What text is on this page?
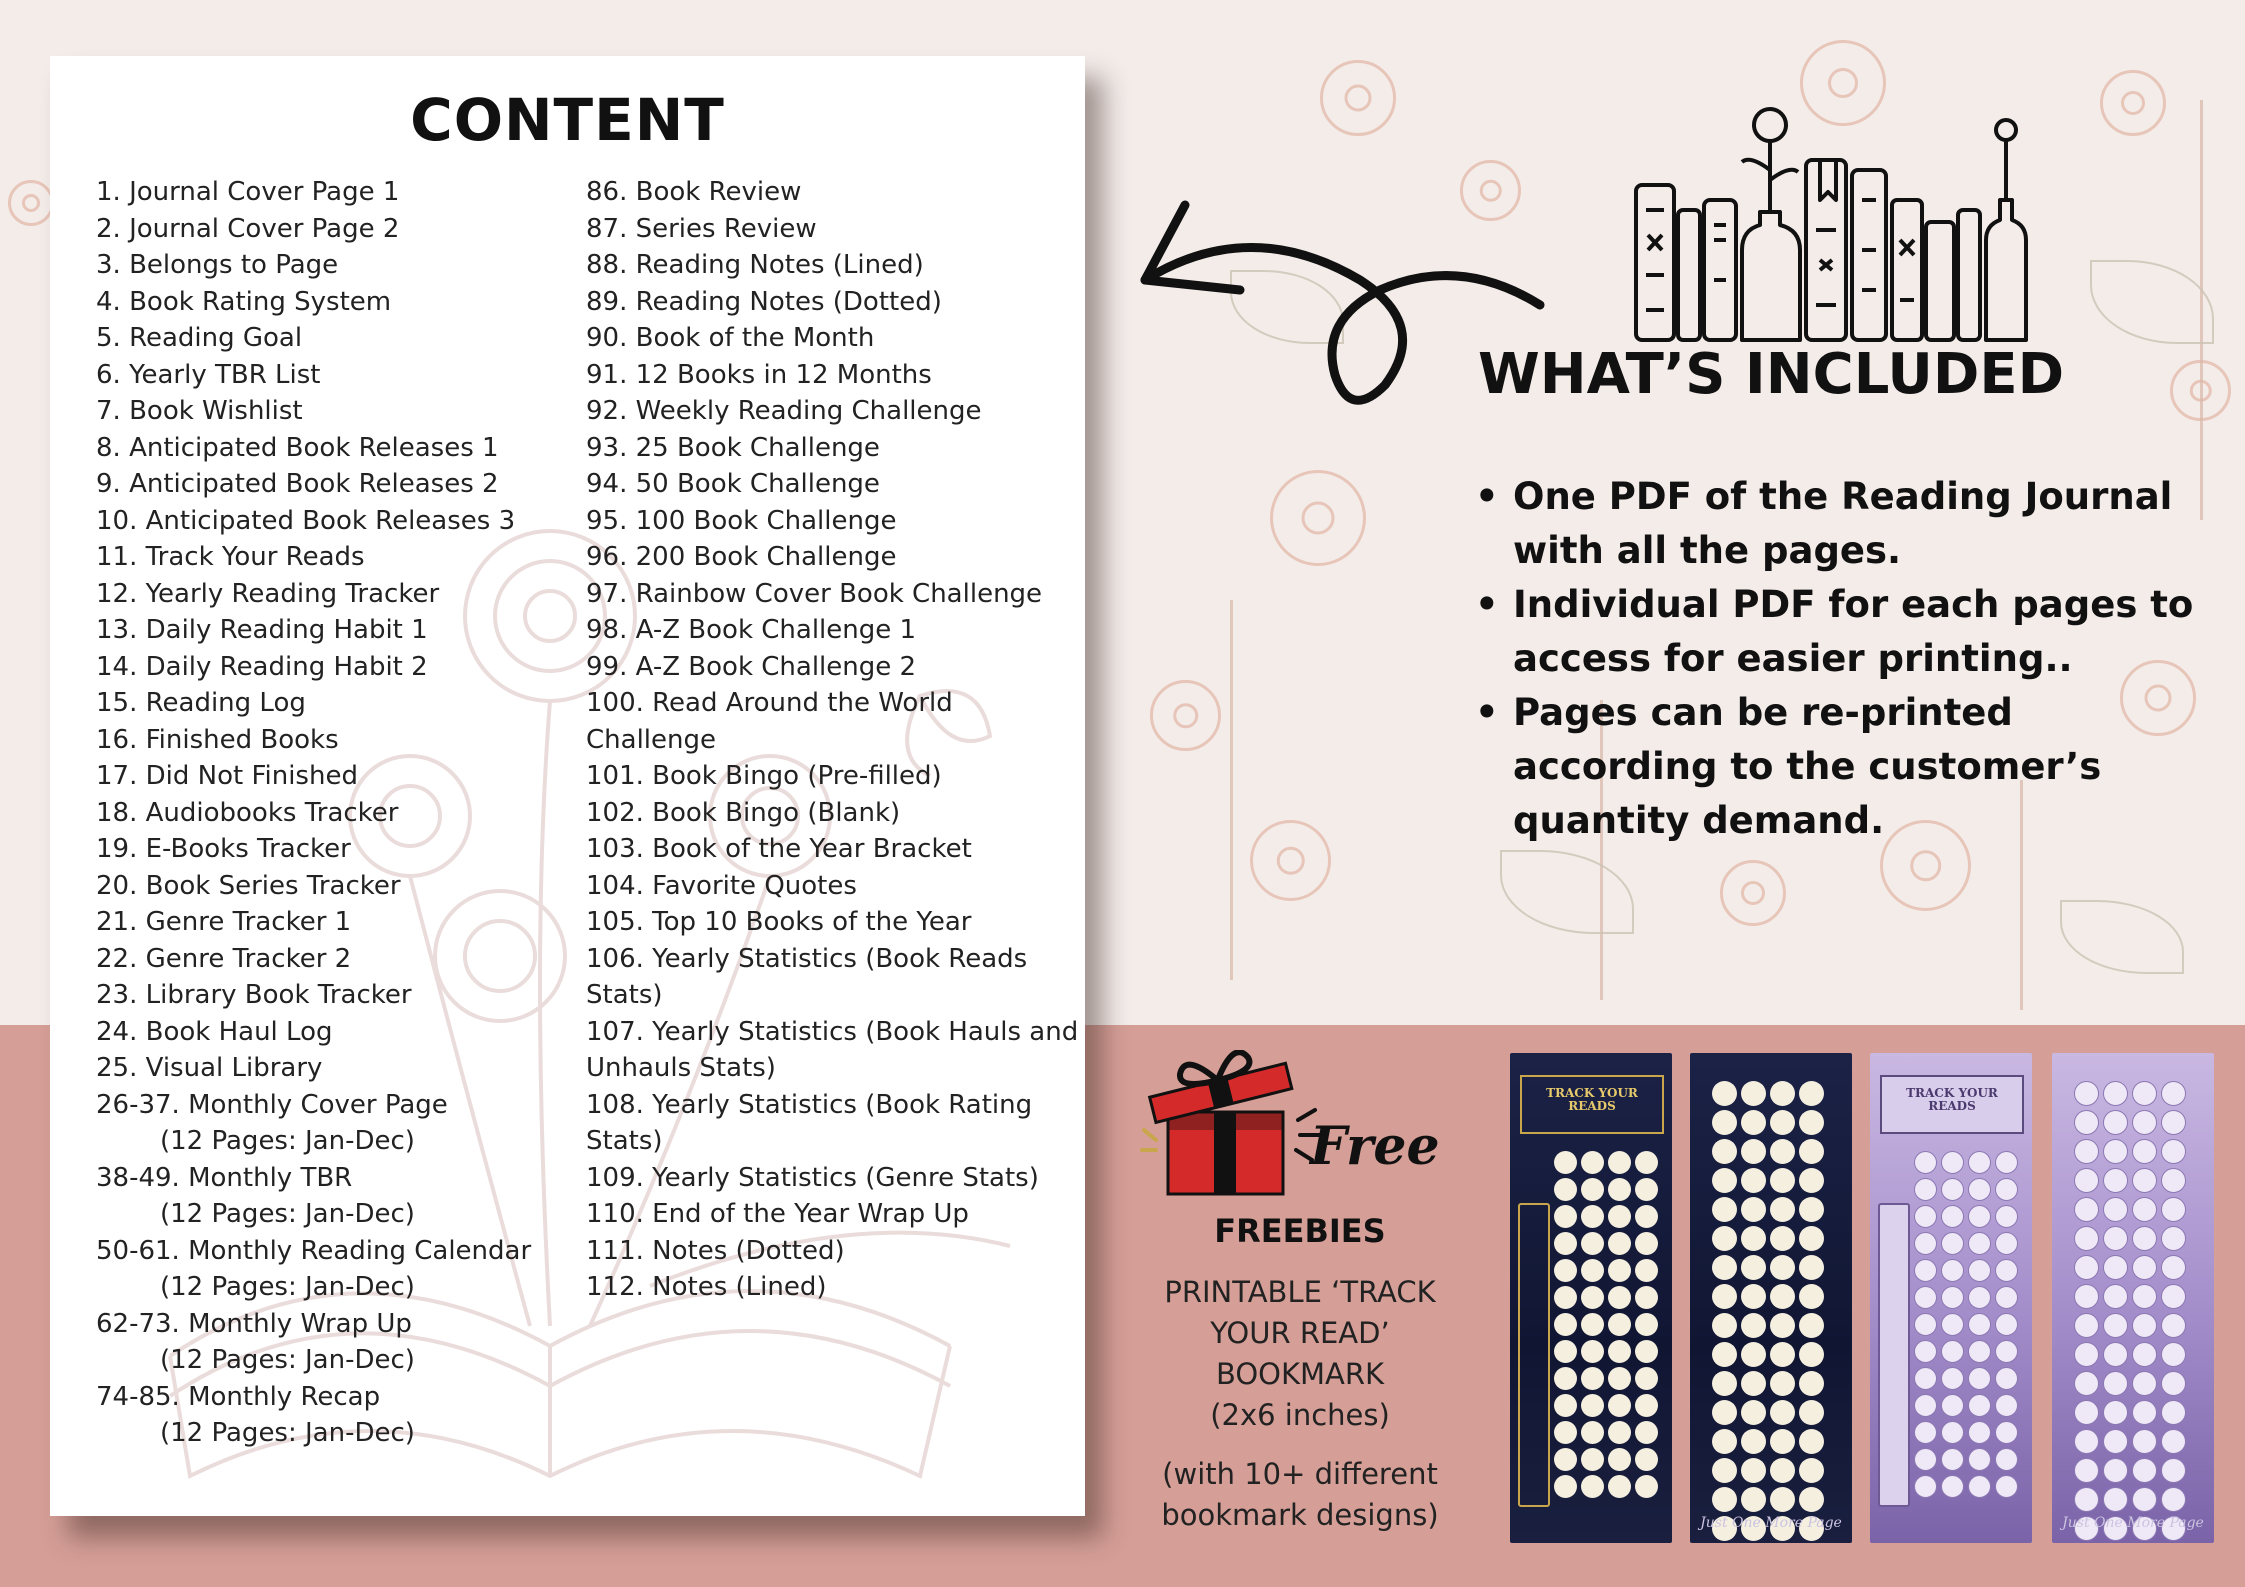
CONTENT
1. Journal Cover Page 1
2. Journal Cover Page 2
3. Belongs to Page
4. Book Rating System
5. Reading Goal
6. Yearly TBR List
7. Book Wishlist
8. Anticipated Book Releases 1
9. Anticipated Book Releases 2
10. Anticipated Book Releases 3
11. Track Your Reads
12. Yearly Reading Tracker
13. Daily Reading Habit 1
14. Daily Reading Habit 2
15. Reading Log
16. Finished Books
17. Did Not Finished
18. Audiobooks Tracker
19. E-Books Tracker
20. Book Series Tracker
21. Genre Tracker 1
22. Genre Tracker 2
23. Library Book Tracker
24. Book Haul Log
25. Visual Library
26-37. Monthly Cover Page
(12 Pages: Jan-Dec)
38-49. Monthly TBR
(12 Pages: Jan-Dec)
50-61. Monthly Reading Calendar
(12 Pages: Jan-Dec)
62-73. Monthly Wrap Up
(12 Pages: Jan-Dec)
74-85. Monthly Recap
(12 Pages: Jan-Dec)
86. Book Review
87. Series Review
88. Reading Notes (Lined)
89. Reading Notes (Dotted)
90. Book of the Month
91. 12 Books in 12 Months
92. Weekly Reading Challenge
93. 25 Book Challenge
94. 50 Book Challenge
95. 100 Book Challenge
96. 200 Book Challenge
97. Rainbow Cover Book Challenge
98. A-Z Book Challenge 1
99. A-Z Book Challenge 2
100. Read Around the World
Challenge
101. Book Bingo (Pre-filled)
102. Book Bingo (Blank)
103. Book of the Year Bracket
104. Favorite Quotes
105. Top 10 Books of the Year
106. Yearly Statistics (Book Reads
Stats)
107. Yearly Statistics (Book Hauls and
Unhauls Stats)
108. Yearly Statistics (Book Rating
Stats)
109. Yearly Statistics (Genre Stats)
110. End of the Year Wrap Up
111. Notes (Dotted)
112. Notes (Lined)
WHAT’S INCLUDED
• One PDF of the Reading Journal with all the pages.
• Individual PDF for each pages to access for easier printing..
• Pages can be re-printed according to the customer’s quantity demand.
Free
FREEBIES
PRINTABLE ‘TRACK
YOUR READ’
BOOKMARK
(2x6 inches)
(with 10+ different
bookmark designs)
TRACK YOUR READS
Just One More Page
TRACK YOUR READS
Just One More Page
